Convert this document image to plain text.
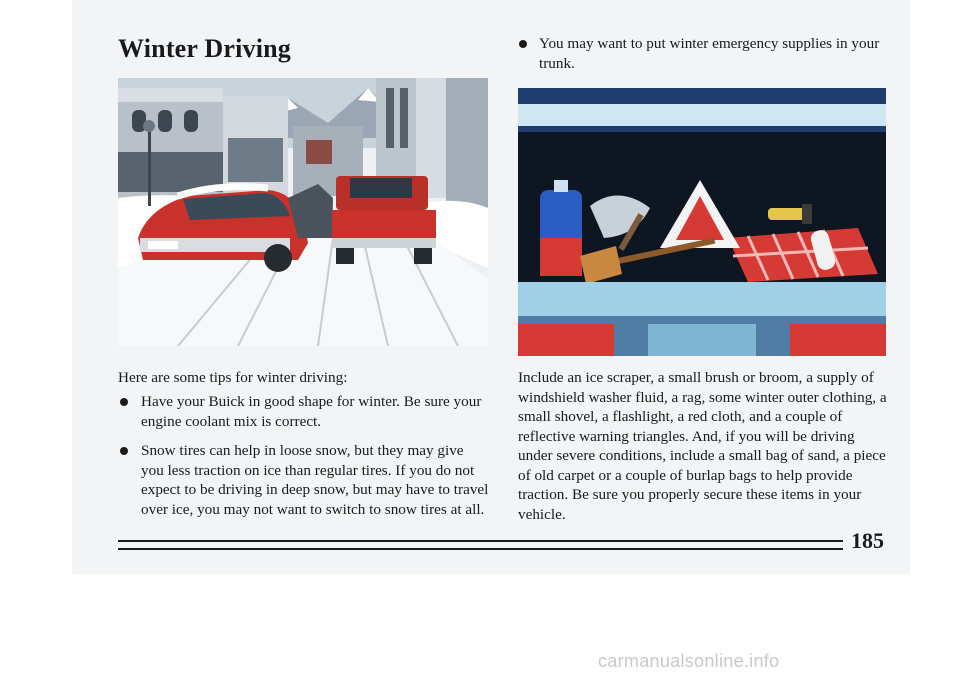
Winter Driving	You may want to put winter emergency supplies in your trunk.

Here are some tips for winter driving:

Have your Buick in good shape for winter. Be sure your engine coolant mix is correct.
Snow tires can help in loose snow, but they may give you less traction on ice than regular tires. If you do not expect to be driving in deep snow, but may have to travel over ice, you may not want to switch to snow tires at all.

Include an ice scraper, a small brush or broom, a supply of windshield washer fluid, a rag, some winter outer clothing, a small shovel, a flashlight, a red cloth, and a couple of reflective warning triangles. And, if you will be driving under severe conditions, include a small bag of sand, a piece of old carpet or a couple of burlap bags to help provide traction. Be sure you properly secure these items in your vehicle.

185
carmanualsonline.info
